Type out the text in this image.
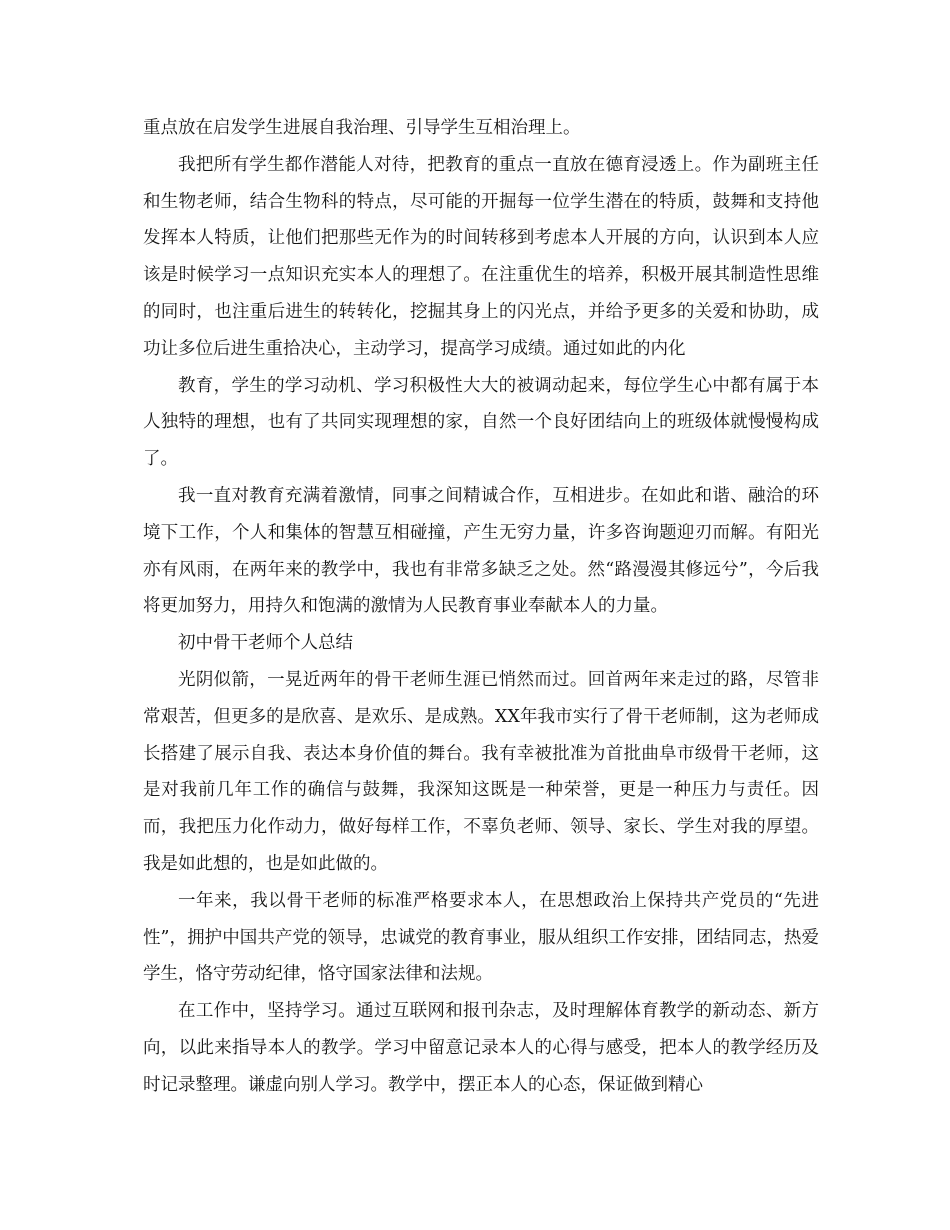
重点放在启发学生进展自我治理、引导学生互相治理上。

我把所有学生都作潜能人对待，把教育的重点一直放在德育浸透上。作为副班主任和生物老师，结合生物科的特点，尽可能的开掘每一位学生潜在的特质，鼓舞和支持他发挥本人特质，让他们把那些无作为的时间转移到考虑本人开展的方向，认识到本人应该是时候学习一点知识充实本人的理想了。在注重优生的培养，积极开展其制造性思维的同时，也注重后进生的转转化，挖掘其身上的闪光点，并给予更多的关爱和协助，成功让多位后进生重拾决心，主动学习，提高学习成绩。通过如此的内化

教育，学生的学习动机、学习积极性大大的被调动起来，每位学生心中都有属于本人独特的理想，也有了共同实现理想的家，自然一个良好团结向上的班级体就慢慢构成了。

我一直对教育充满着激情，同事之间精诚合作，互相进步。在如此和谐、融洽的环境下工作，个人和集体的智慧互相碰撞，产生无穷力量，许多咨询题迎刃而解。有阳光亦有风雨，在两年来的教学中，我也有非常多缺乏之处。然“路漫漫其修远兮”，今后我将更加努力，用持久和饱满的激情为人民教育事业奉献本人的力量。

初中骨干老师个人总结

光阴似箭，一晃近两年的骨干老师生涯已悄然而过。回首两年来走过的路，尽管非常艰苦，但更多的是欣喜、是欢乐、是成熟。XX年我市实行了骨干老师制，这为老师成长搭建了展示自我、表达本身价值的舞台。我有幸被批准为首批曲阜市级骨干老师，这是对我前几年工作的确信与鼓舞，我深知这既是一种荣誉，更是一种压力与责任。因而，我把压力化作动力，做好每样工作，不辜负老师、领导、家长、学生对我的厚望。我是如此想的，也是如此做的。

一年来，我以骨干老师的标准严格要求本人，在思想政治上保持共产党员的“先进性”，拥护中国共产党的领导，忠诚党的教育事业，服从组织工作安排，团结同志，热爱学生，恪守劳动纪律，恪守国家法律和法规。

在工作中，坚持学习。通过互联网和报刊杂志，及时理解体育教学的新动态、新方向，以此来指导本人的教学。学习中留意记录本人的心得与感受，把本人的教学经历及时记录整理。谦虚向别人学习。教学中，摆正本人的心态，保证做到精心
